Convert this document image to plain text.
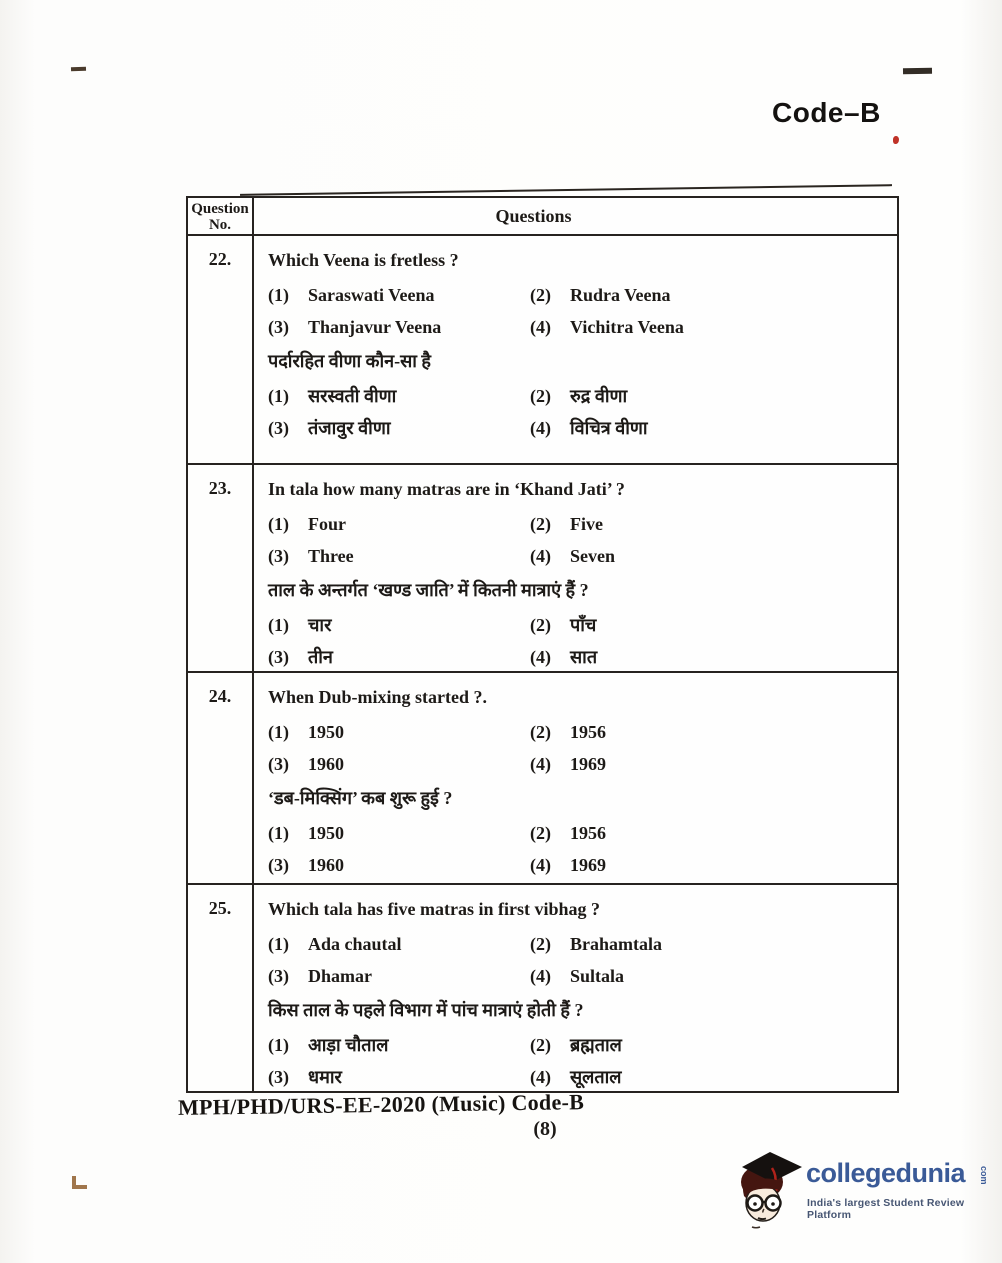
Code–B
Question
No.	Questions
22.	Which Veena is fretless ?
(1)	Saraswati Veena	(2)	Rudra Veena
(3)	Thanjavur Veena	(4)	Vichitra Veena
पर्दारहित वीणा कौन-सा है
(1)	सरस्वती वीणा	(2)	रुद्र वीणा
(3)	तंजावुर वीणा	(4)	विचित्र वीणा
23.	In tala how many matras are in ‘Khand Jati’ ?
(1)	Four	(2)	Five
(3)	Three	(4)	Seven
ताल के अन्तर्गत ‘खण्ड जाति’ में कितनी मात्राएं हैं ?
(1)	चार	(2)	पाँच
(3)	तीन	(4)	सात
24.	When Dub-mixing started ?.
(1)	1950	(2)	1956
(3)	1960	(4)	1969
‘डब-मिक्सिंग’ कब शुरू हुई ?
(1)	1950	(2)	1956
(3)	1960	(4)	1969
25.	Which tala has five matras in first vibhag ?
(1)	Ada chautal	(2)	Brahamtala
(3)	Dhamar	(4)	Sultala
किस ताल के पहले विभाग में पांच मात्राएं होती हैं ?
(1)	आड़ा चौताल	(2)	ब्रह्मताल
(3)	धमार	(4)	सूलताल
MPH/PHD/URS-EE-2020 (Music) Code-B
(8)
collegedunia com
India's largest Student Review Platform
